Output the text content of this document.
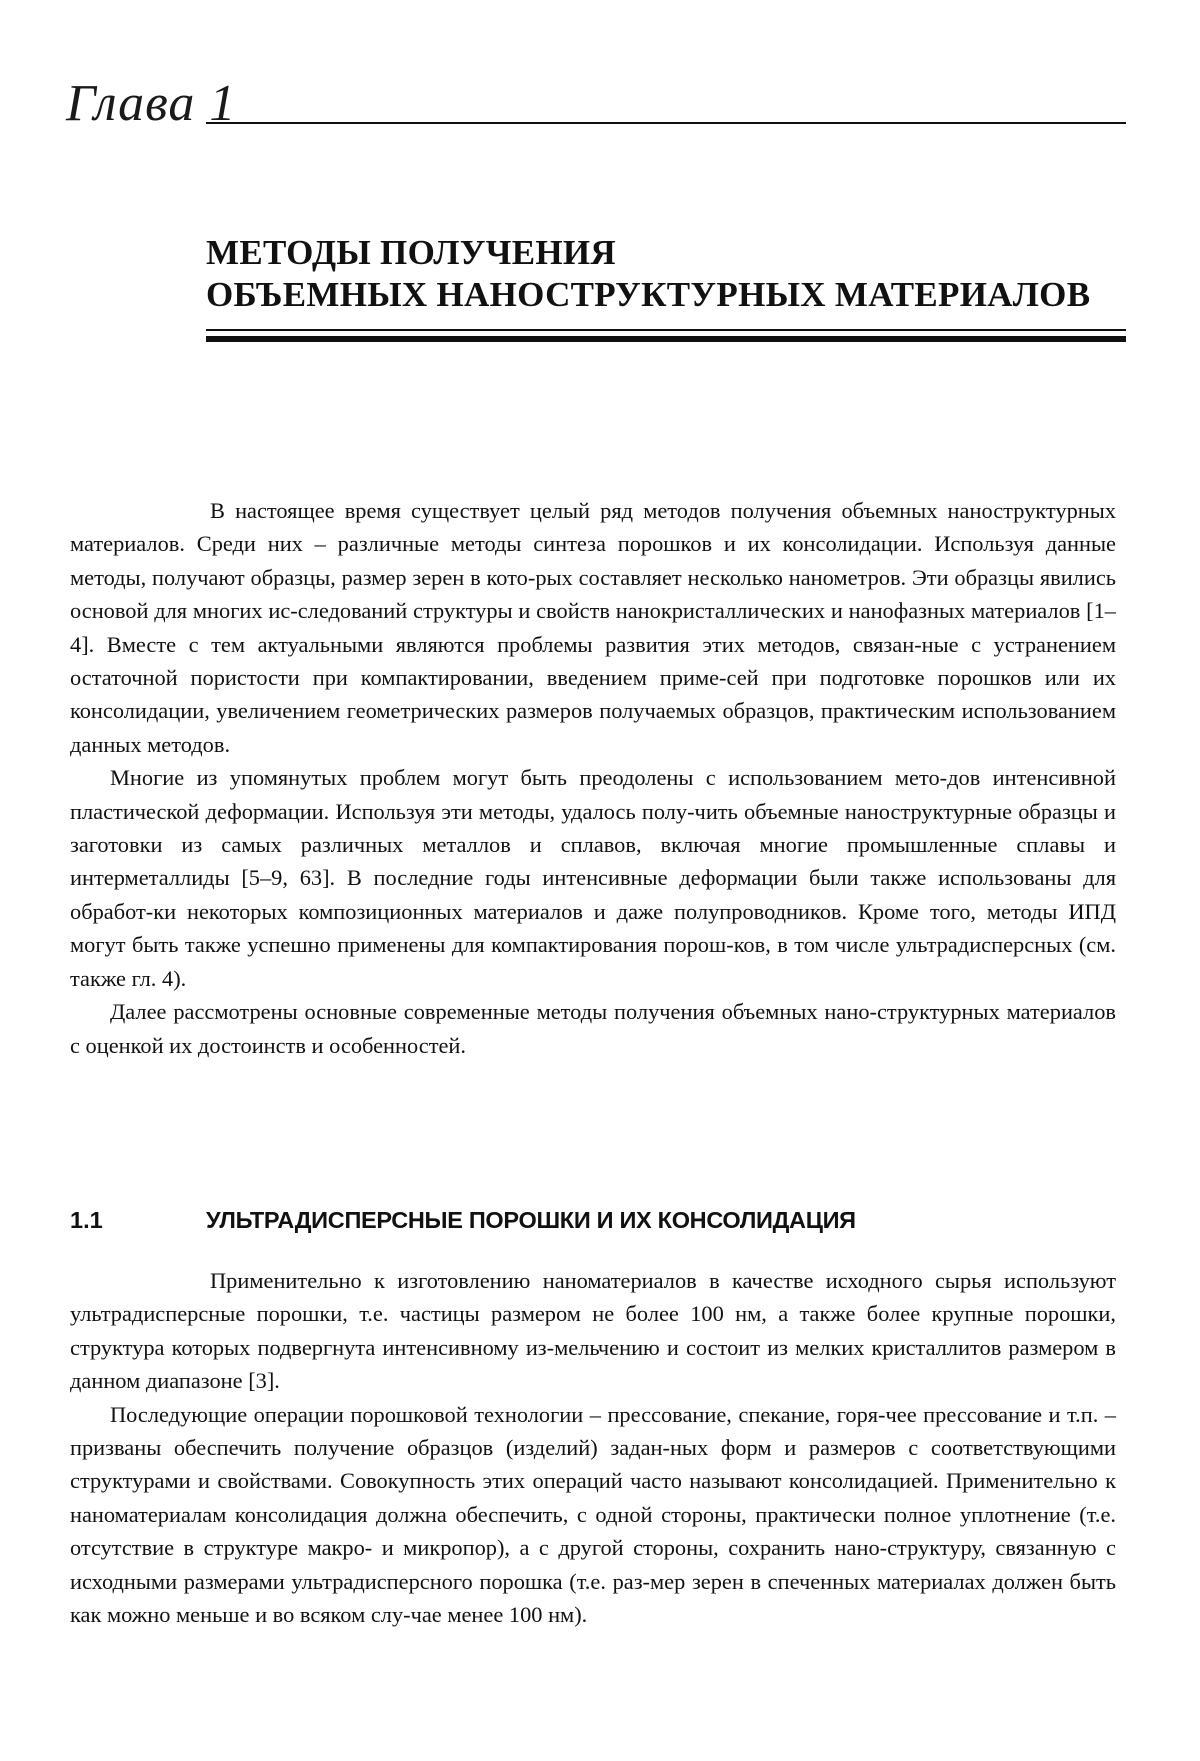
Глава 1
МЕТОДЫ ПОЛУЧЕНИЯ
ОБЪЕМНЫХ НАНОСТРУКТУРНЫХ МАТЕРИАЛОВ

В настоящее время существует целый ряд методов получения объемных наноструктурных материалов. Среди них – различные методы синтеза порошков и их консолидации. Используя данные методы, получают образцы, размер зерен в кото-рых составляет несколько нанометров. Эти образцы явились основой для многих ис-следований структуры и свойств нанокристаллических и нанофазных материалов [1–4]. Вместе с тем актуальными являются проблемы развития этих методов, связан-ные с устранением остаточной пористости при компактировании, введением приме-сей при подготовке порошков или их консолидации, увеличением геометрических размеров получаемых образцов, практическим использованием данных методов.

Многие из упомянутых проблем могут быть преодолены с использованием мето-дов интенсивной пластической деформации. Используя эти методы, удалось полу-чить объемные наноструктурные образцы и заготовки из самых различных металлов и сплавов, включая многие промышленные сплавы и интерметаллиды [5–9, 63]. В последние годы интенсивные деформации были также использованы для обработ-ки некоторых композиционных материалов и даже полупроводников. Кроме того, методы ИПД могут быть также успешно применены для компактирования порош-ков, в том числе ультрадисперсных (см. также гл. 4).

Далее рассмотрены основные современные методы получения объемных нано-структурных материалов с оценкой их достоинств и особенностей.

1.1	УЛЬТРАДИСПЕРСНЫЕ ПОРОШКИ И ИХ КОНСОЛИДАЦИЯ

Применительно к изготовлению наноматериалов в качестве исходного сырья используют ультрадисперсные порошки, т.е. частицы размером не более 100 нм, а также более крупные порошки, структура которых подвергнута интенсивному из-мельчению и состоит из мелких кристаллитов размером в данном диапазоне [3].

Последующие операции порошковой технологии – прессование, спекание, горя-чее прессование и т.п. – призваны обеспечить получение образцов (изделий) задан-ных форм и размеров с соответствующими структурами и свойствами. Совокупность этих операций часто называют консолидацией. Применительно к наноматериалам консолидация должна обеспечить, с одной стороны, практически полное уплотнение (т.е. отсутствие в структуре макро- и микропор), а с другой стороны, сохранить нано-структуру, связанную с исходными размерами ультрадисперсного порошка (т.е. раз-мер зерен в спеченных материалах должен быть как можно меньше и во всяком слу-чае менее 100 нм).
